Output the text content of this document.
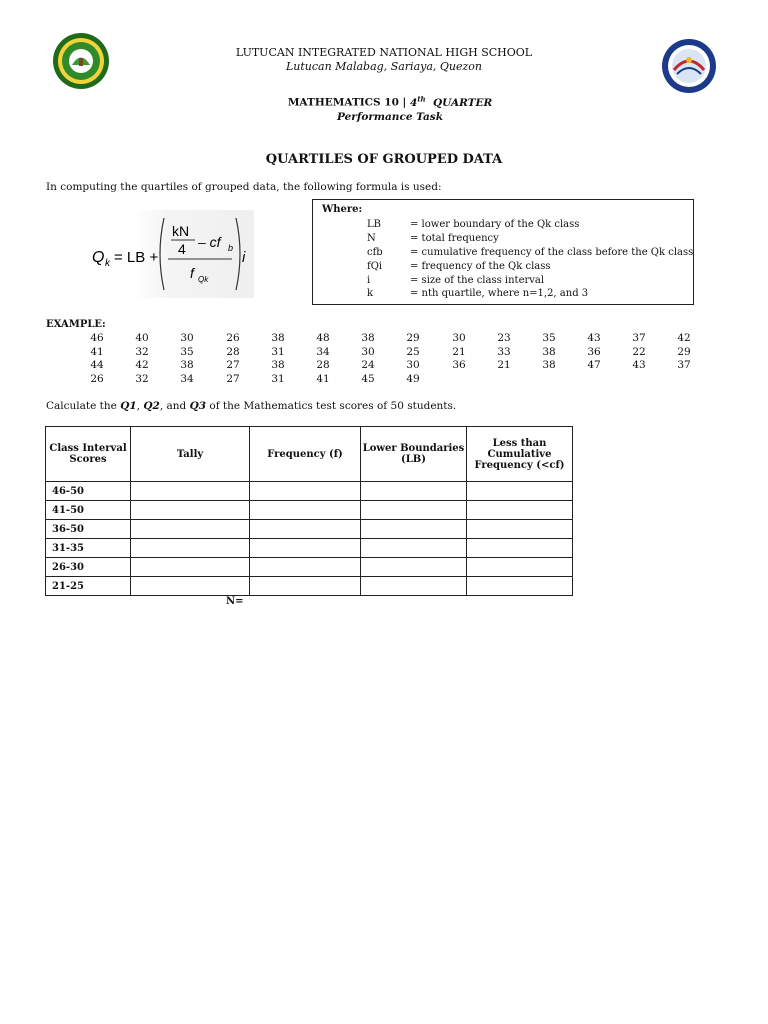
LUTUCAN INTEGRATED NATIONAL HIGH SCHOOL
Lutucan Malabag, Sariaya, Quezon
MATHEMATICS 10 | 4th QUARTER
Performance Task
QUARTILES OF GROUPED DATA
In computing the quartiles of grouped data, the following formula is used:
Q k = LB +
kN
4 – cf b
f Qk
i
Where:
LB	= lower boundary of the Qk class
N	= total frequency
cfb	= cumulative frequency of the class before the Qk class
fQi	= frequency of the Qk class
i	= size of the class interval
k	= nth quartile, where n=1,2, and 3
EXAMPLE:
46	40	30	26	38	48	38	29	30	23	35	43	37	42
41	32	35	28	31	34	30	25	21	33	38	36	22	29
44	42	38	27	38	28	24	30	36	21	38	47	43	37
26	32	34	27	31	41	45	49
Calculate the Q1, Q2, and Q3 of the Mathematics test scores of 50 students.
Class Interval Scores	Tally	Frequency (f)	Lower Boundaries (LB)	Less than Cumulative Frequency (<cf)
46-50				
41-50				
36-50				
31-35				
26-30				
21-25				
N=
